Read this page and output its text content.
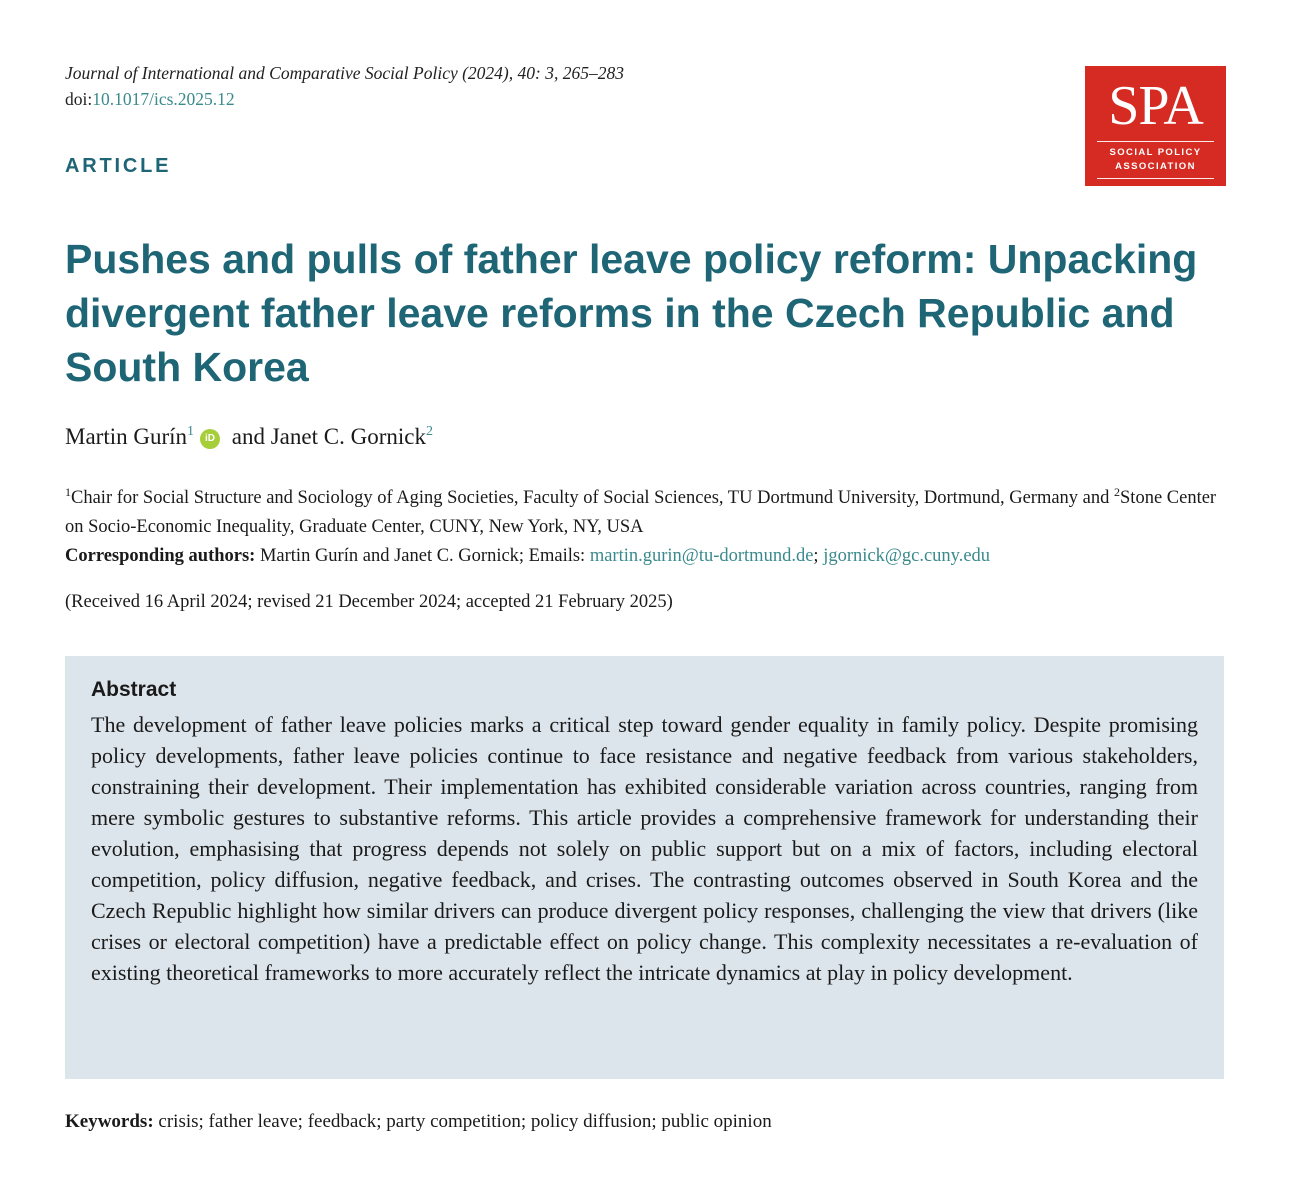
Journal of International and Comparative Social Policy (2024), 40: 3, 265–283
doi:10.1017/ics.2025.12
ARTICLE
SPA
SOCIAL POLICY
ASSOCIATION
Pushes and pulls of father leave policy reform: Unpacking divergent father leave reforms in the Czech Republic and South Korea
Martin Gurín$^1$ iD and Janet C. Gornick$^2$
$^1$Chair for Social Structure and Sociology of Aging Societies, Faculty of Social Sciences, TU Dortmund University, Dortmund, Germany and $^2$Stone Center on Socio-Economic Inequality, Graduate Center, CUNY, New York, NY, USA
Corresponding authors: Martin Gurín and Janet C. Gornick; Emails: martin.gurin@tu-dortmund.de; jgornick@gc.cuny.edu
(Received 16 April 2024; revised 21 December 2024; accepted 21 February 2025)
Abstract
The development of father leave policies marks a critical step toward gender equality in family policy. Despite promising policy developments, father leave policies continue to face resistance and negative feedback from various stakeholders, constraining their development. Their implementation has exhibited considerable variation across countries, ranging from mere symbolic gestures to substantive reforms. This article provides a comprehensive framework for understanding their evolution, emphasising that progress depends not solely on public support but on a mix of factors, including electoral competition, policy diffusion, negative feedback, and crises. The contrasting outcomes observed in South Korea and the Czech Republic highlight how similar drivers can produce divergent policy responses, challenging the view that drivers (like crises or electoral competition) have a predictable effect on policy change. This complexity necessitates a re-evaluation of existing theoretical frameworks to more accurately reflect the intricate dynamics at play in policy development.
Keywords: crisis; father leave; feedback; party competition; policy diffusion; public opinion
